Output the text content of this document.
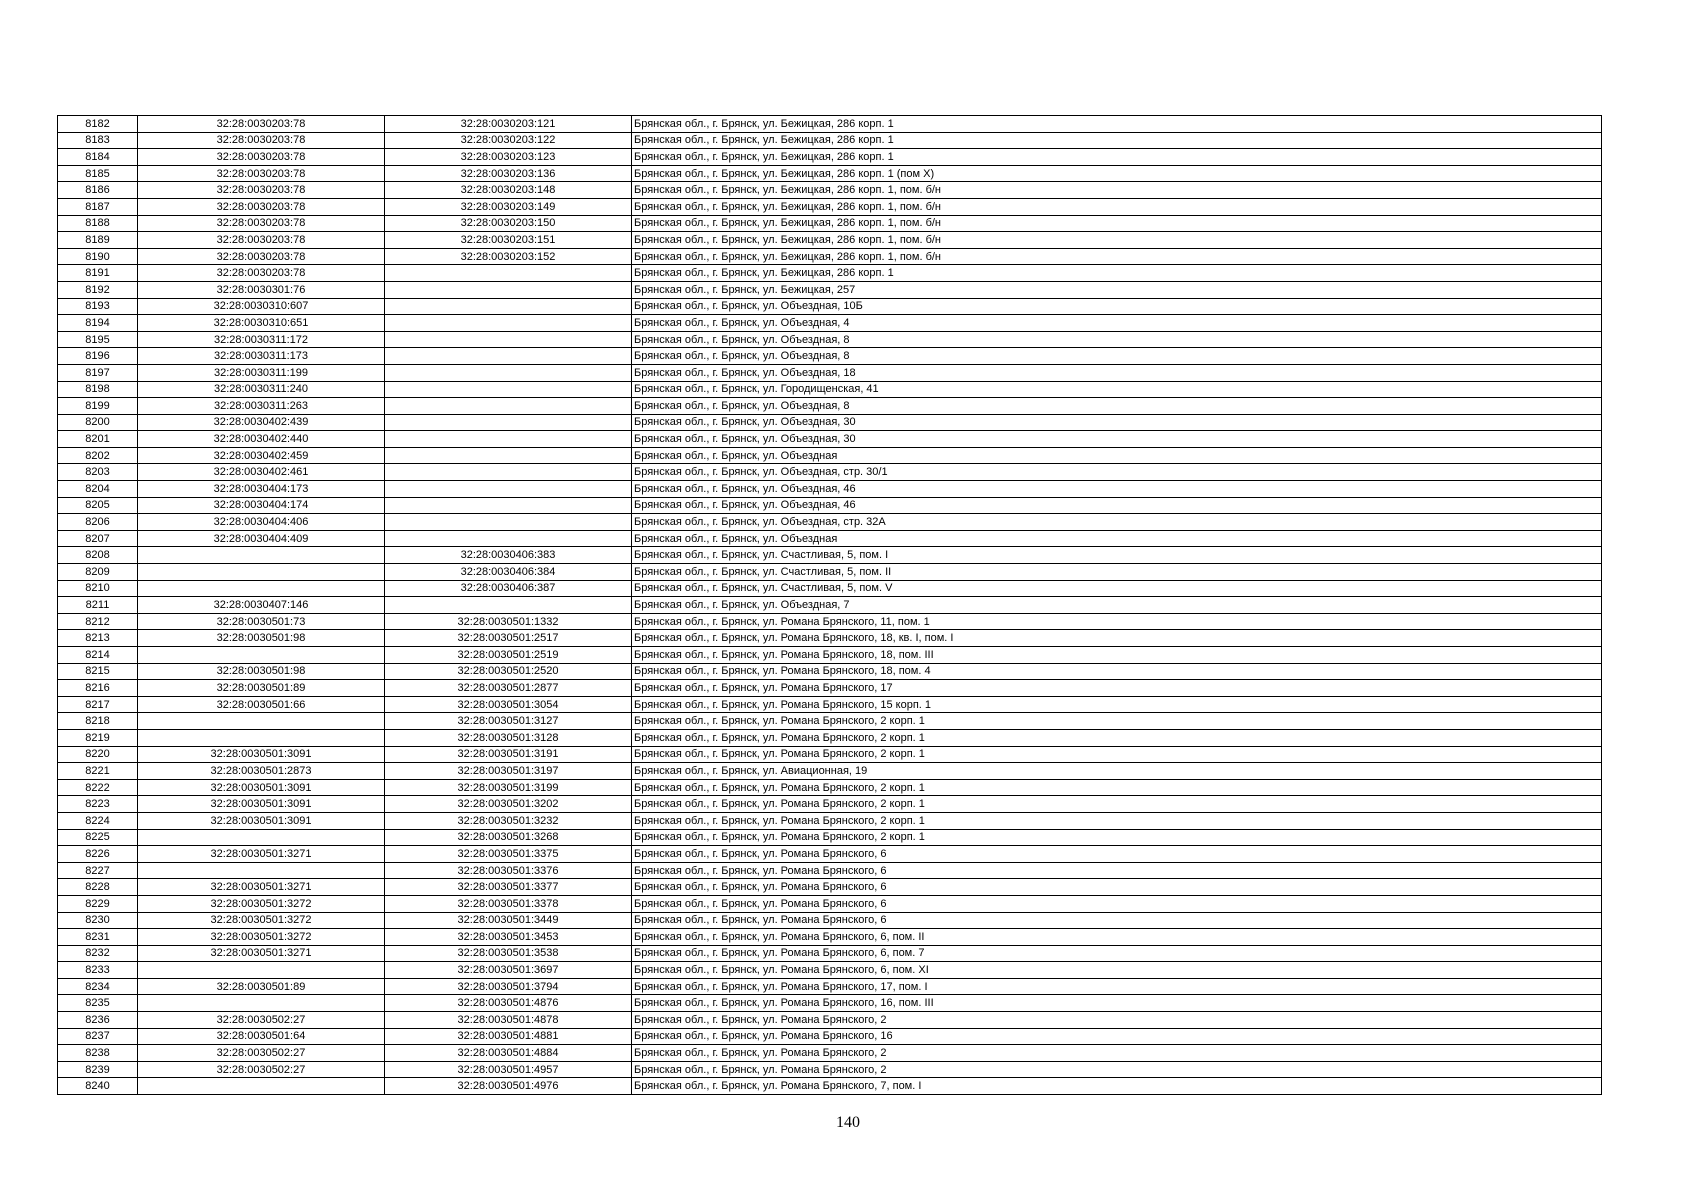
8182	32:28:0030203:78	32:28:0030203:121	Брянская обл., г. Брянск, ул. Бежицкая, 286 корп. 1
8183	32:28:0030203:78	32:28:0030203:122	Брянская обл., г. Брянск, ул. Бежицкая, 286 корп. 1
8184	32:28:0030203:78	32:28:0030203:123	Брянская обл., г. Брянск, ул. Бежицкая, 286 корп. 1
8185	32:28:0030203:78	32:28:0030203:136	Брянская обл., г. Брянск, ул. Бежицкая, 286 корп. 1 (пом X)
8186	32:28:0030203:78	32:28:0030203:148	Брянская обл., г. Брянск, ул. Бежицкая, 286 корп. 1, пом. б/н
8187	32:28:0030203:78	32:28:0030203:149	Брянская обл., г. Брянск, ул. Бежицкая, 286 корп. 1, пом. б/н
8188	32:28:0030203:78	32:28:0030203:150	Брянская обл., г. Брянск, ул. Бежицкая, 286 корп. 1, пом. б/н
8189	32:28:0030203:78	32:28:0030203:151	Брянская обл., г. Брянск, ул. Бежицкая, 286 корп. 1, пом. б/н
8190	32:28:0030203:78	32:28:0030203:152	Брянская обл., г. Брянск, ул. Бежицкая, 286 корп. 1, пом. б/н
8191	32:28:0030203:78		Брянская обл., г. Брянск, ул. Бежицкая, 286 корп. 1
8192	32:28:0030301:76		Брянская обл., г. Брянск, ул. Бежицкая, 257
8193	32:28:0030310:607		Брянская обл., г. Брянск, ул. Объездная, 10Б
8194	32:28:0030310:651		Брянская обл., г. Брянск, ул. Объездная, 4
8195	32:28:0030311:172		Брянская обл., г. Брянск, ул. Объездная, 8
8196	32:28:0030311:173		Брянская обл., г. Брянск, ул. Объездная, 8
8197	32:28:0030311:199		Брянская обл., г. Брянск, ул. Объездная, 18
8198	32:28:0030311:240		Брянская обл., г. Брянск, ул. Городищенская, 41
8199	32:28:0030311:263		Брянская обл., г. Брянск, ул. Объездная, 8
8200	32:28:0030402:439		Брянская обл., г. Брянск, ул. Объездная, 30
8201	32:28:0030402:440		Брянская обл., г. Брянск, ул. Объездная, 30
8202	32:28:0030402:459		Брянская обл., г. Брянск, ул. Объездная
8203	32:28:0030402:461		Брянская обл., г. Брянск, ул. Объездная, стр. 30/1
8204	32:28:0030404:173		Брянская обл., г. Брянск, ул. Объездная, 46
8205	32:28:0030404:174		Брянская обл., г. Брянск, ул. Объездная, 46
8206	32:28:0030404:406		Брянская обл., г. Брянск, ул. Объездная, стр. 32А
8207	32:28:0030404:409		Брянская обл., г. Брянск, ул. Объездная
8208		32:28:0030406:383	Брянская обл., г. Брянск, ул. Счастливая, 5, пом. I
8209		32:28:0030406:384	Брянская обл., г. Брянск, ул. Счастливая, 5, пом. II
8210		32:28:0030406:387	Брянская обл., г. Брянск, ул. Счастливая, 5, пом. V
8211	32:28:0030407:146		Брянская обл., г. Брянск, ул. Объездная, 7
8212	32:28:0030501:73	32:28:0030501:1332	Брянская обл., г. Брянск, ул. Романа Брянского, 11, пом. 1
8213	32:28:0030501:98	32:28:0030501:2517	Брянская обл., г. Брянск, ул. Романа Брянского, 18, кв. I, пом. I
8214		32:28:0030501:2519	Брянская обл., г. Брянск, ул. Романа Брянского, 18, пом. III
8215	32:28:0030501:98	32:28:0030501:2520	Брянская обл., г. Брянск, ул. Романа Брянского, 18, пом. 4
8216	32:28:0030501:89	32:28:0030501:2877	Брянская обл., г. Брянск, ул. Романа Брянского, 17
8217	32:28:0030501:66	32:28:0030501:3054	Брянская обл., г. Брянск, ул. Романа Брянского, 15 корп. 1
8218		32:28:0030501:3127	Брянская обл., г. Брянск, ул. Романа Брянского, 2 корп. 1
8219		32:28:0030501:3128	Брянская обл., г. Брянск, ул. Романа Брянского, 2 корп. 1
8220	32:28:0030501:3091	32:28:0030501:3191	Брянская обл., г. Брянск, ул. Романа Брянского, 2 корп. 1
8221	32:28:0030501:2873	32:28:0030501:3197	Брянская обл., г. Брянск, ул. Авиационная, 19
8222	32:28:0030501:3091	32:28:0030501:3199	Брянская обл., г. Брянск, ул. Романа Брянского, 2 корп. 1
8223	32:28:0030501:3091	32:28:0030501:3202	Брянская обл., г. Брянск, ул. Романа Брянского, 2 корп. 1
8224	32:28:0030501:3091	32:28:0030501:3232	Брянская обл., г. Брянск, ул. Романа Брянского, 2 корп. 1
8225		32:28:0030501:3268	Брянская обл., г. Брянск, ул. Романа Брянского, 2 корп. 1
8226	32:28:0030501:3271	32:28:0030501:3375	Брянская обл., г. Брянск, ул. Романа Брянского, 6
8227		32:28:0030501:3376	Брянская обл., г. Брянск, ул. Романа Брянского, 6
8228	32:28:0030501:3271	32:28:0030501:3377	Брянская обл., г. Брянск, ул. Романа Брянского, 6
8229	32:28:0030501:3272	32:28:0030501:3378	Брянская обл., г. Брянск, ул. Романа Брянского, 6
8230	32:28:0030501:3272	32:28:0030501:3449	Брянская обл., г. Брянск, ул. Романа Брянского, 6
8231	32:28:0030501:3272	32:28:0030501:3453	Брянская обл., г. Брянск, ул. Романа Брянского, 6, пом. II
8232	32:28:0030501:3271	32:28:0030501:3538	Брянская обл., г. Брянск, ул. Романа Брянского, 6, пом. 7
8233		32:28:0030501:3697	Брянская обл., г. Брянск, ул. Романа Брянского, 6, пом. XI
8234	32:28:0030501:89	32:28:0030501:3794	Брянская обл., г. Брянск, ул. Романа Брянского, 17, пом. I
8235		32:28:0030501:4876	Брянская обл., г. Брянск, ул. Романа Брянского, 16, пом. III
8236	32:28:0030502:27	32:28:0030501:4878	Брянская обл., г. Брянск, ул. Романа Брянского, 2
8237	32:28:0030501:64	32:28:0030501:4881	Брянская обл., г. Брянск, ул. Романа Брянского, 16
8238	32:28:0030502:27	32:28:0030501:4884	Брянская обл., г. Брянск, ул. Романа Брянского, 2
8239	32:28:0030502:27	32:28:0030501:4957	Брянская обл., г. Брянск, ул. Романа Брянского, 2
8240		32:28:0030501:4976	Брянская обл., г. Брянск, ул. Романа Брянского, 7, пом. I
140
